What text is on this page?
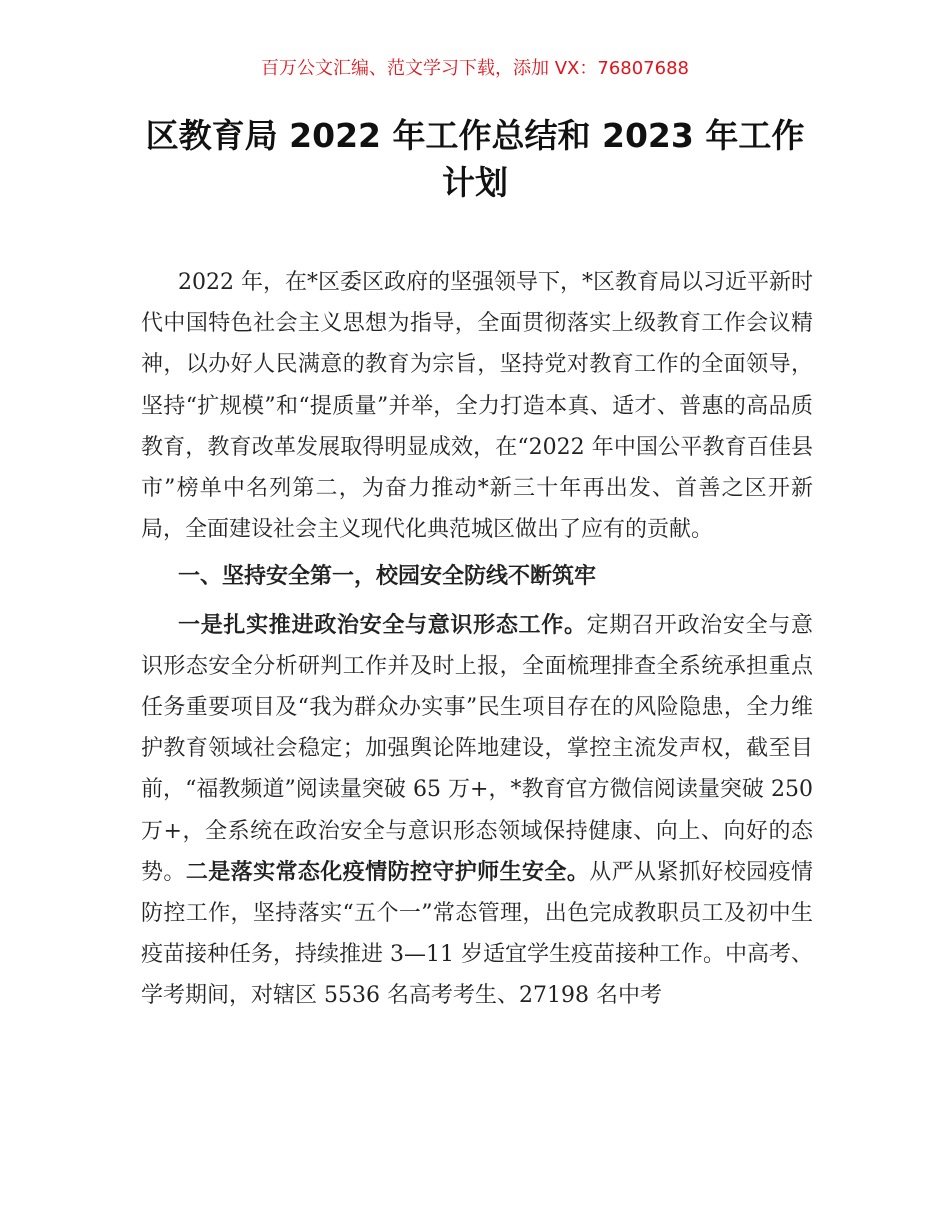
百万公文汇编、范文学习下载，添加 VX：76807688
区教育局 2022 年工作总结和 2023 年工作
计划

2022 年，在*区委区政府的坚强领导下，*区教育局以习近平新时代中国特色社会主义思想为指导，全面贯彻落实上级教育工作会议精神，以办好人民满意的教育为宗旨，坚持党对教育工作的全面领导，坚持“扩规模”和“提质量”并举，全力打造本真、适才、普惠的高品质教育，教育改革发展取得明显成效，在“2022 年中国公平教育百佳县市”榜单中名列第二，为奋力推动*新三十年再出发、首善之区开新局，全面建设社会主义现代化典范城区做出了应有的贡献。

一、坚持安全第一，校园安全防线不断筑牢

一是扎实推进政治安全与意识形态工作。定期召开政治安全与意识形态安全分析研判工作并及时上报，全面梳理排查全系统承担重点任务重要项目及“我为群众办实事”民生项目存在的风险隐患，全力维护教育领域社会稳定；加强舆论阵地建设，掌控主流发声权，截至目前，“福教频道”阅读量突破 65 万+，*教育官方微信阅读量突破 250 万+，全系统在政治安全与意识形态领域保持健康、向上、向好的态势。二是落实常态化疫情防控守护师生安全。从严从紧抓好校园疫情防控工作，坚持落实“五个一”常态管理，出色完成教职员工及初中生疫苗接种任务，持续推进 3—11 岁适宜学生疫苗接种工作。中高考、学考期间，对辖区 5536 名高考考生、27198 名中考
